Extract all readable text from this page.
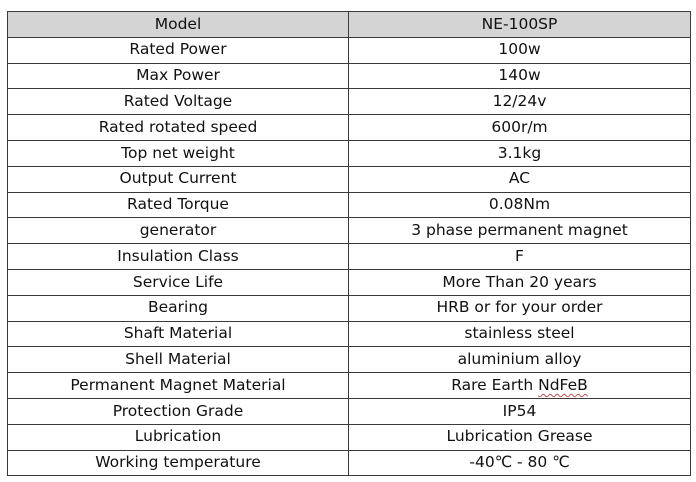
Model	NE-100SP
Rated Power	100w
Max Power	140w
Rated Voltage	12/24v
Rated rotated speed	600r/m
Top net weight	3.1kg
Output Current	AC
Rated Torque	0.08Nm
generator	3 phase permanent magnet
Insulation Class	F
Service Life	More Than 20 years
Bearing	HRB or for your order
Shaft Material	stainless steel
Shell Material	aluminium alloy
Permanent Magnet Material	Rare Earth NdFeB
Protection Grade	IP54
Lubrication	Lubrication Grease
Working temperature	-40℃ - 80 ℃
